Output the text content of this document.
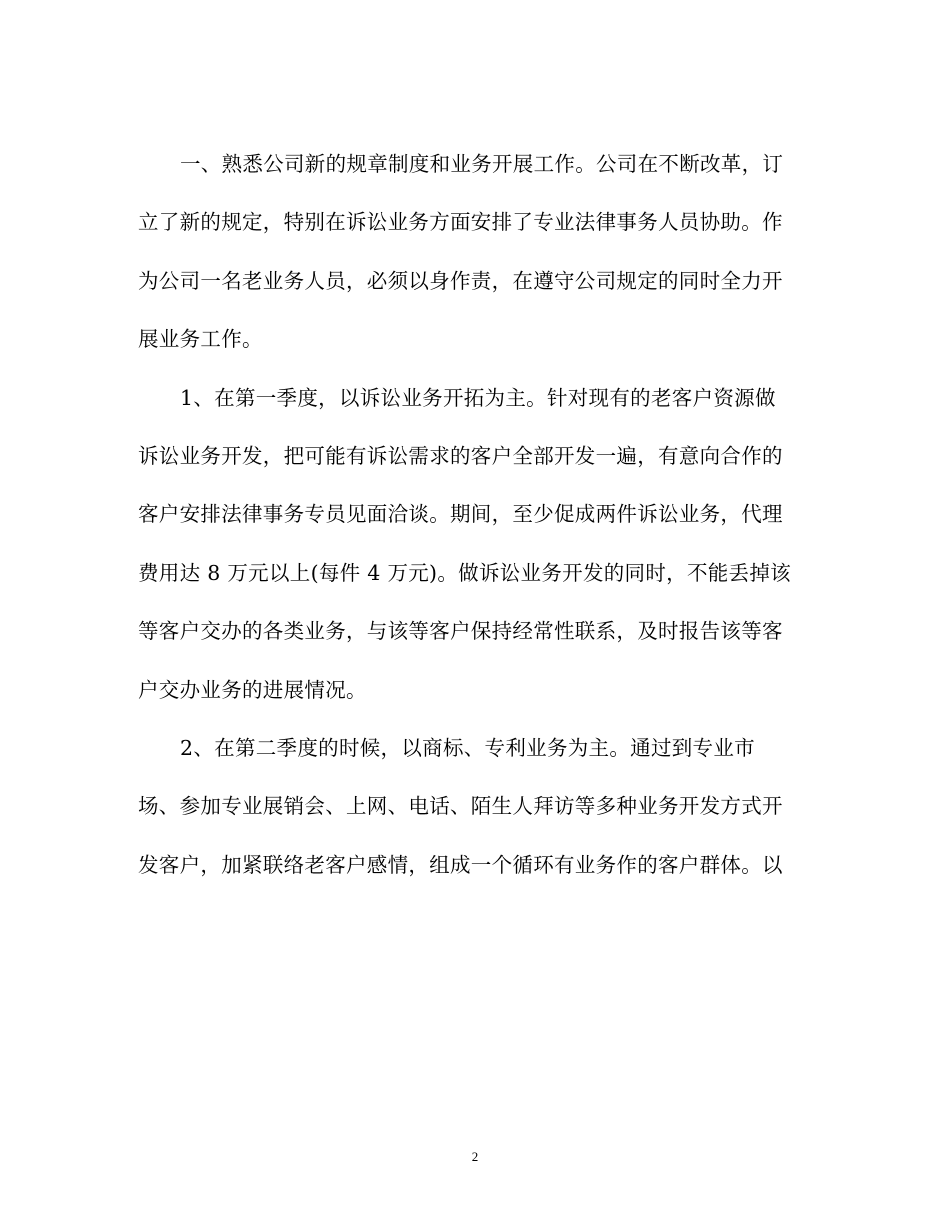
一、熟悉公司新的规章制度和业务开展工作。公司在不断改革，订
立了新的规定，特别在诉讼业务方面安排了专业法律事务人员协助。作
为公司一名老业务人员，必须以身作责，在遵守公司规定的同时全力开
展业务工作。
1、在第一季度，以诉讼业务开拓为主。针对现有的老客户资源做
诉讼业务开发，把可能有诉讼需求的客户全部开发一遍，有意向合作的
客户安排法律事务专员见面洽谈。期间，至少促成两件诉讼业务，代理
费用达 8 万元以上(每件 4 万元)。做诉讼业务开发的同时，不能丢掉该
等客户交办的各类业务，与该等客户保持经常性联系，及时报告该等客
户交办业务的进展情况。
2、在第二季度的时候，以商标、专利业务为主。通过到专业市
场、参加专业展销会、上网、电话、陌生人拜访等多种业务开发方式开
发客户，加紧联络老客户感情，组成一个循环有业务作的客户群体。以
2
